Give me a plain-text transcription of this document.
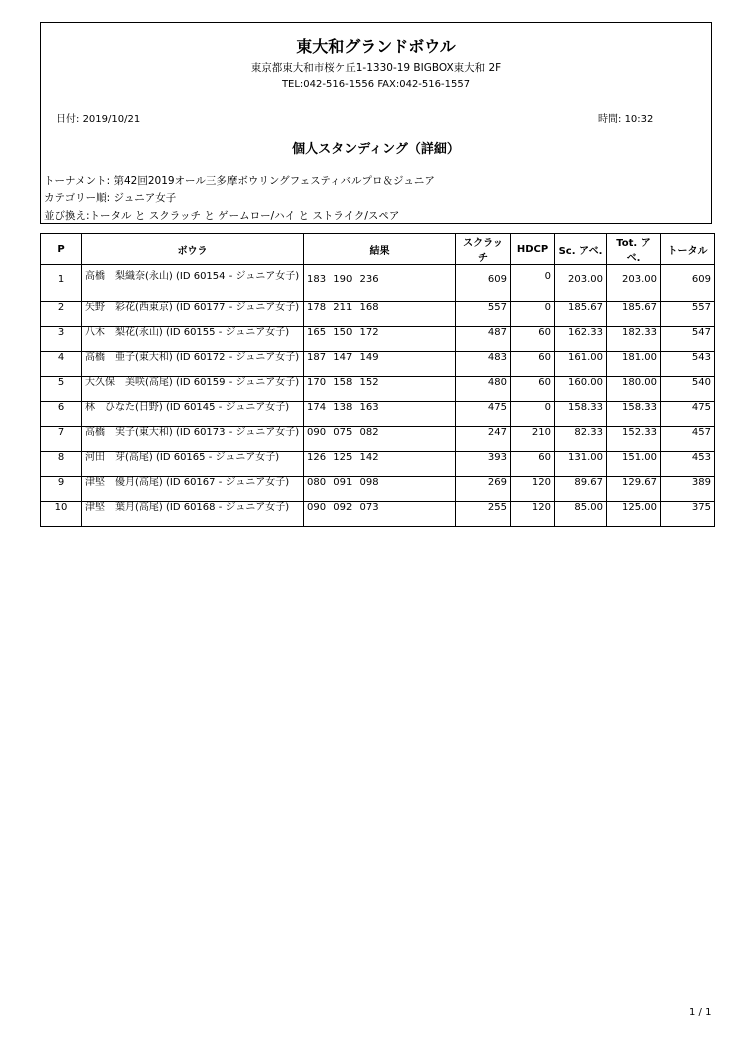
東大和グランドボウル
東京都東大和市桜ケ丘1-1330-19 BIGBOX東大和 2F
TEL:042-516-1556 FAX:042-516-1557
日付: 2019/10/21	時間: 10:32
個人スタンディング（詳細）
トーナメント: 第42回2019オール三多摩ボウリングフェスティバルプロ＆ジュニア
カテゴリー順: ジュニア女子
並び換え:トータル と スクラッチ と ゲームロー/ハイ と ストライク/スペア
P	ボウラ	結果	スクラッチ	HDCP	Sc. アベ.	Tot. アベ.	トータル
1	高橋　梨織奈(永山) (ID 60154 - ジュニア女子)	183 190 236	609	0	203.00	203.00	609
2	矢野　彩花(西東京) (ID 60177 - ジュニア女子)	178 211 168	557	0	185.67	185.67	557
3	八木　梨花(永山) (ID 60155 - ジュニア女子)	165 150 172	487	60	162.33	182.33	547
4	高橋　亜子(東大和) (ID 60172 - ジュニア女子)	187 147 149	483	60	161.00	181.00	543
5	大久保　美咲(高尾) (ID 60159 - ジュニア女子)	170 158 152	480	60	160.00	180.00	540
6	林　ひなた(日野) (ID 60145 - ジュニア女子)	174 138 163	475	0	158.33	158.33	475
7	高橋　実子(東大和) (ID 60173 - ジュニア女子)	090 075 082	247	210	82.33	152.33	457
8	河田　芽(高尾) (ID 60165 - ジュニア女子)	126 125 142	393	60	131.00	151.00	453
9	津堅　優月(高尾) (ID 60167 - ジュニア女子)	080 091 098	269	120	89.67	129.67	389
10	津堅　葉月(高尾) (ID 60168 - ジュニア女子)	090 092 073	255	120	85.00	125.00	375
1 / 1
